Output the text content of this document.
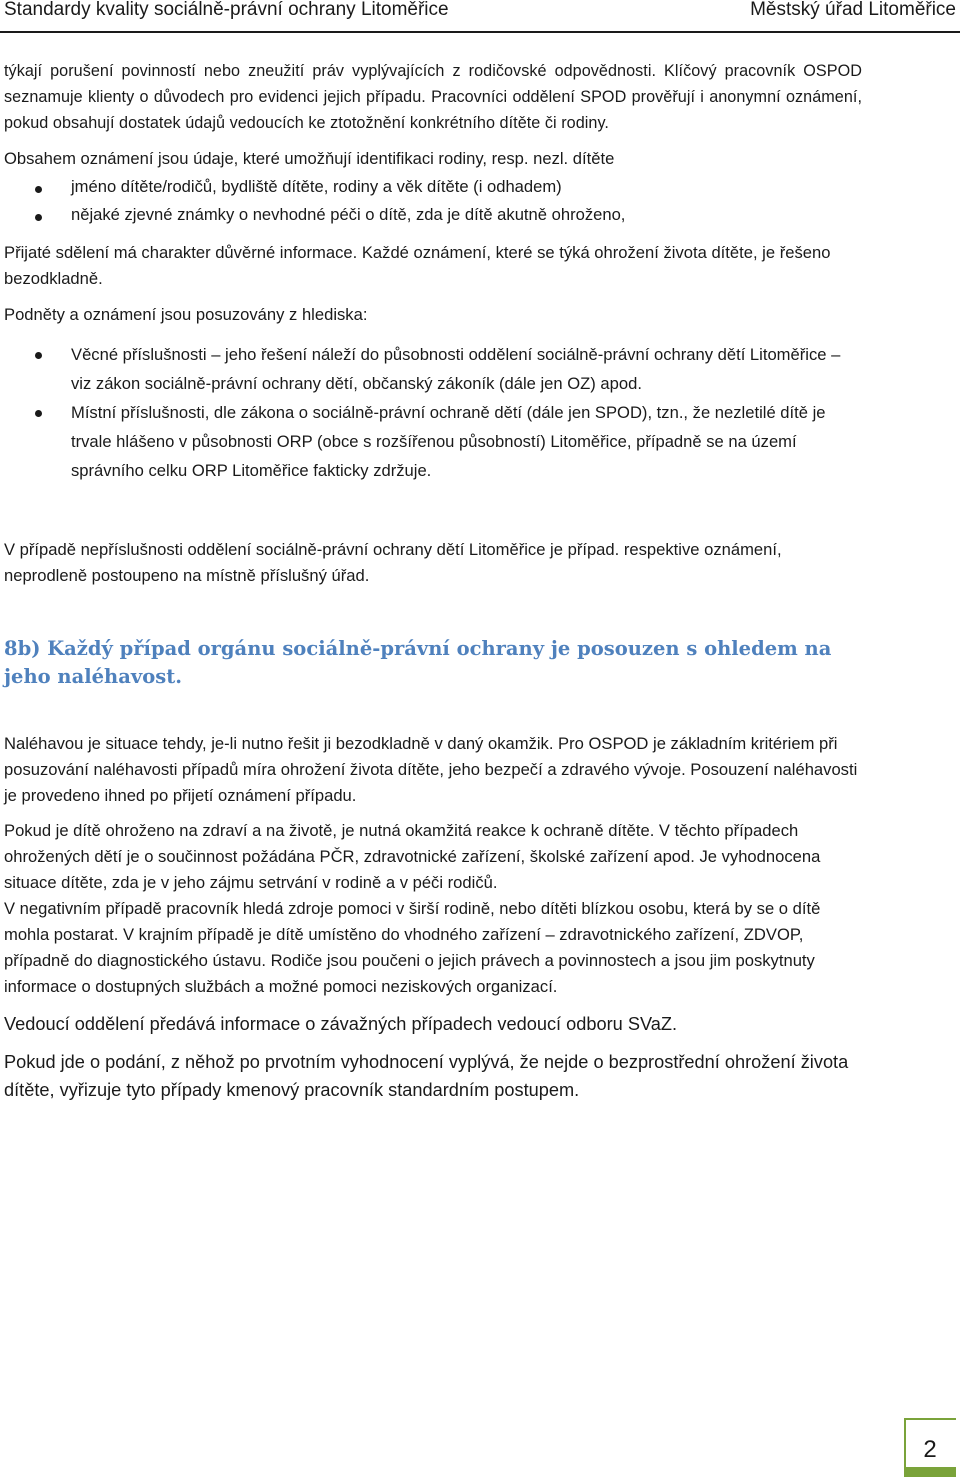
Standardy kvality sociálně-právní ochrany Litoměřice	Městský úřad Litoměřice

týkají porušení povinností nebo zneužití práv vyplývajících z rodičovské odpovědnosti. Klíčový pracovník OSPOD seznamuje klienty o důvodech pro evidenci jejich případu. Pracovníci oddělení SPOD prověřují i anonymní oznámení, pokud obsahují dostatek údajů vedoucích ke ztotožnění konkrétního dítěte či rodiny.

Obsahem oznámení jsou údaje, které umožňují identifikaci rodiny, resp. nezl. dítěte

jméno dítěte/rodičů, bydliště dítěte, rodiny a věk dítěte (i odhadem)
nějaké zjevné známky o nevhodné péči o dítě, zda je dítě akutně ohroženo,

Přijaté sdělení má charakter důvěrné informace. Každé oznámení, které se týká ohrožení života dítěte, je řešeno bezodkladně.

Podněty a oznámení jsou posuzovány z hlediska:

Věcné příslušnosti – jeho řešení náleží do působnosti oddělení sociálně-právní ochrany dětí Litoměřice – viz zákon sociálně-právní ochrany dětí, občanský zákoník (dále jen OZ) apod.
Místní příslušnosti, dle zákona o sociálně-právní ochraně dětí (dále jen SPOD), tzn., že nezletilé dítě je trvale hlášeno v působnosti ORP (obce s rozšířenou působností) Litoměřice, případně se na území správního celku ORP Litoměřice fakticky zdržuje.

V případě nepříslušnosti oddělení sociálně-právní ochrany dětí Litoměřice je případ. respektive oznámení, neprodleně postoupeno na místně příslušný úřad.

8b) Každý případ orgánu sociálně-právní ochrany je posouzen s ohledem na jeho naléhavost.

Naléhavou je situace tehdy, je-li nutno řešit ji bezodkladně v daný okamžik. Pro OSPOD je základním kritériem při posuzování naléhavosti případů míra ohrožení života dítěte, jeho bezpečí a zdravého vývoje. Posouzení naléhavosti je provedeno ihned po přijetí oznámení případu.

Pokud je dítě ohroženo na zdraví a na životě, je nutná okamžitá reakce k ochraně dítěte. V těchto případech ohrožených dětí je o součinnost požádána PČR, zdravotnické zařízení, školské zařízení apod. Je vyhodnocena situace dítěte, zda je v jeho zájmu setrvání v rodině a v péči rodičů.

V negativním případě pracovník hledá zdroje pomoci v širší rodině, nebo dítěti blízkou osobu, která by se o dítě mohla postarat. V krajním případě je dítě umístěno do vhodného zařízení – zdravotnického zařízení, ZDVOP, případně do diagnostického ústavu. Rodiče jsou poučeni o jejich právech a povinnostech a jsou jim poskytnuty informace o dostupných službách a možné pomoci neziskových organizací.

Vedoucí oddělení předává informace o závažných případech vedoucí odboru SVaZ.

Pokud jde o podání, z něhož po prvotním vyhodnocení vyplývá, že nejde o bezprostřední ohrožení života dítěte, vyřizuje tyto případy kmenový pracovník standardním postupem.

2
